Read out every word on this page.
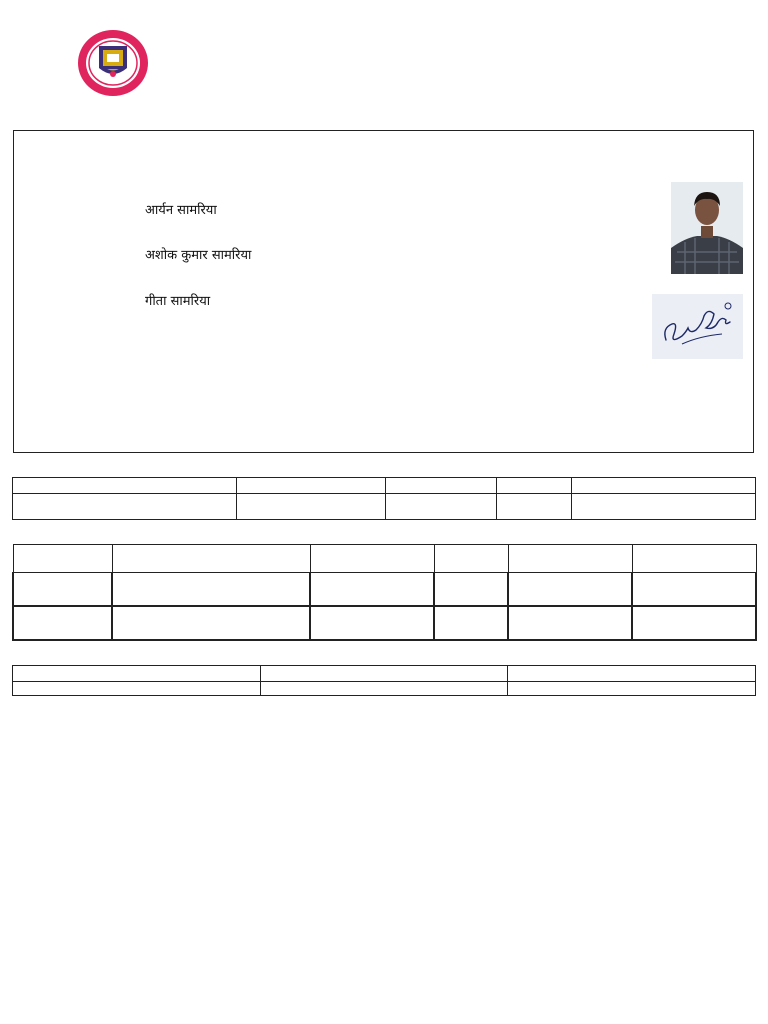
आर्यन सामरिया
अशोक कुमार सामरिया
गीता सामरिया
